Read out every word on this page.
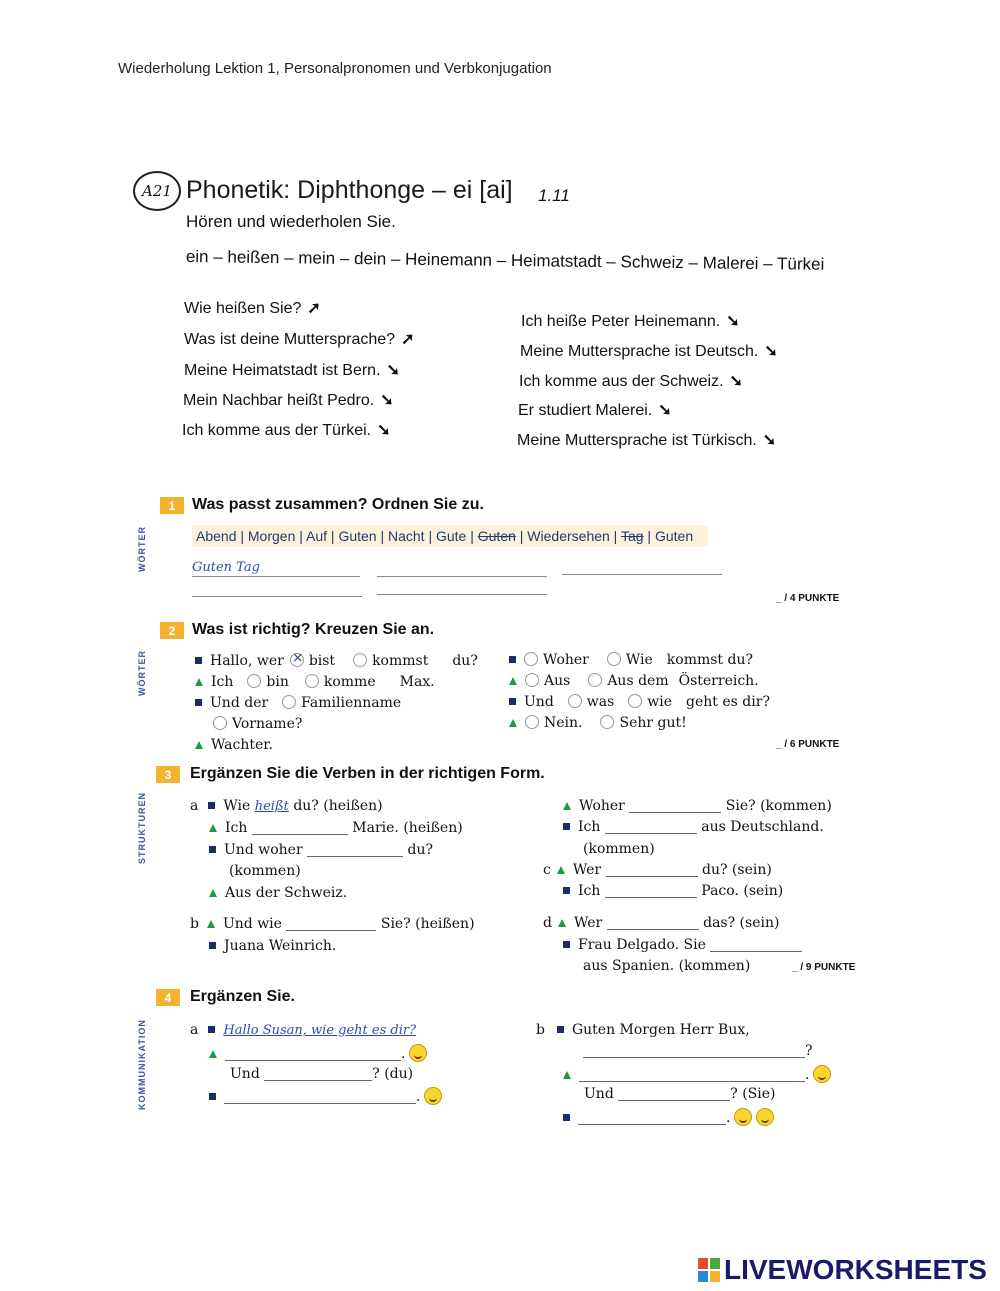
Wiederholung Lektion 1, Personalpronomen und Verbkonjugation
A21 Phonetik: Diphthonge – ei [ai] 1.11
Hören und wiederholen Sie.
ein – heißen – mein – dein – Heinemann – Heimatstadt – Schweiz – Malerei – Türkei
Wie heißen Sie? ➚
Was ist deine Muttersprache? ➚
Meine Heimatstadt ist Bern. ➘
Mein Nachbar heißt Pedro. ➘
Ich komme aus der Türkei. ➘
Ich heiße Peter Heinemann. ➘
Meine Muttersprache ist Deutsch. ➘
Ich komme aus der Schweiz. ➘
Er studiert Malerei. ➘
Meine Muttersprache ist Türkisch. ➘
1	Was passt zusammen? Ordnen Sie zu.
WÖRTER	Abend | Morgen | Auf | Guten | Nacht | Gute | Guten | Wiedersehen | Tag | Guten
Guten Tag
_ / 4 PUNKTE
2	Was ist richtig? Kreuzen Sie an.
WÖRTER	Hallo, wer× bist	kommst du?
Ich bin	komme Max.
Und der Familienname
Vorname?
Wachter.
Woher	Wie kommst du?
Aus	Aus dem Österreich.
Und was wie geht es dir?
Nein.	Sehr gut!
_ / 6 PUNKTE
3	Ergänzen Sie die Verben in der richtigen Form.
STRUKTUREN	a Wie heißt du? (heißen)
Ich	Marie. (heißen)
Und woher	du?
(kommen)
Aus der Schweiz.
b Und wie	Sie? (heißen)
Juana Weinrich.
Woher	Sie? (kommen)
Ich	aus Deutschland.
(kommen)
c Wer	du? (sein)
Ich	Paco. (sein)
d Wer	das? (sein)
Frau Delgado. Sie
aus Spanien. (kommen)	_ / 9 PUNKTE
4	Ergänzen Sie.
KOMMUNIKATION	a Hallo Susan, wie geht es dir?
.
Und	? (du)
.
b Guten Morgen Herr Bux,
?
.
Und	? (Sie)
.
LIVEWORKSHEETS
